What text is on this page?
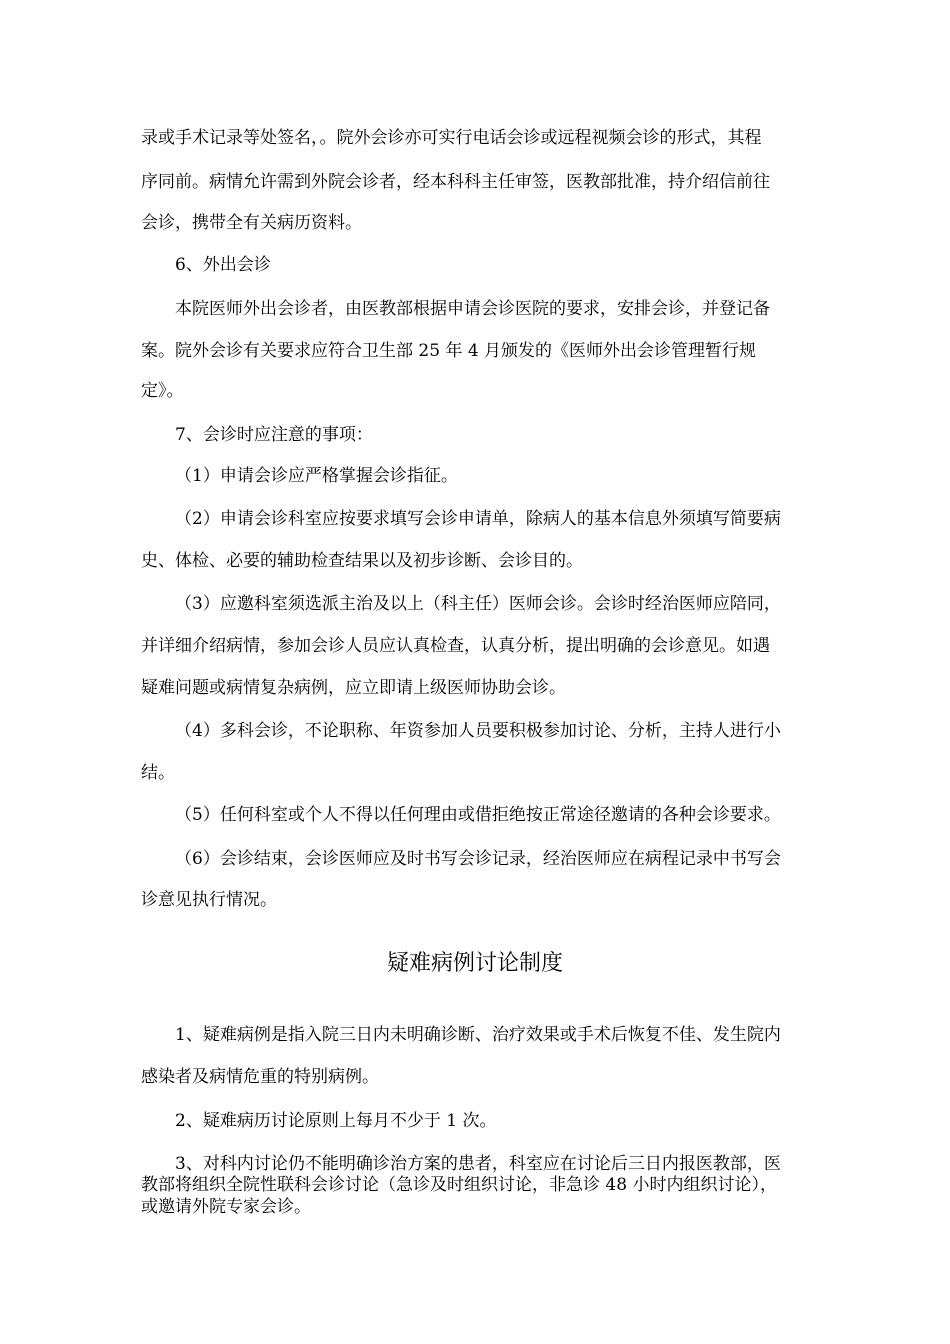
录或手术记录等处签名，。院外会诊亦可实行电话会诊或远程视频会诊的形式，其程
序同前。病情允许需到外院会诊者，经本科科主任审签，医教部批准，持介绍信前往
会诊，携带全有关病历资料。
6、外出会诊
本院医师外出会诊者，由医教部根据申请会诊医院的要求，安排会诊，并登记备
案。院外会诊有关要求应符合卫生部 25 年 4 月颁发的《医师外出会诊管理暂行规
定》。
7、会诊时应注意的事项：
（1）申请会诊应严格掌握会诊指征。
（2）申请会诊科室应按要求填写会诊申请单，除病人的基本信息外须填写简要病
史、体检、必要的辅助检查结果以及初步诊断、会诊目的。
（3）应邀科室须选派主治及以上（科主任）医师会诊。会诊时经治医师应陪同，
并详细介绍病情，参加会诊人员应认真检查，认真分析，提出明确的会诊意见。如遇
疑难问题或病情复杂病例，应立即请上级医师协助会诊。
（4）多科会诊，不论职称、年资参加人员要积极参加讨论、分析，主持人进行小
结。
（5）任何科室或个人不得以任何理由或借拒绝按正常途径邀请的各种会诊要求。
（6）会诊结束，会诊医师应及时书写会诊记录，经治医师应在病程记录中书写会
诊意见执行情况。
疑难病例讨论制度
1、疑难病例是指入院三日内未明确诊断、治疗效果或手术后恢复不佳、发生院内
感染者及病情危重的特别病例。
2、疑难病历讨论原则上每月不少于 1 次。
3、对科内讨论仍不能明确诊治方案的患者，科室应在讨论后三日内报医教部，医
教部将组织全院性联科会诊讨论（急诊及时组织讨论，非急诊 48 小时内组织讨论），
或邀请外院专家会诊。
